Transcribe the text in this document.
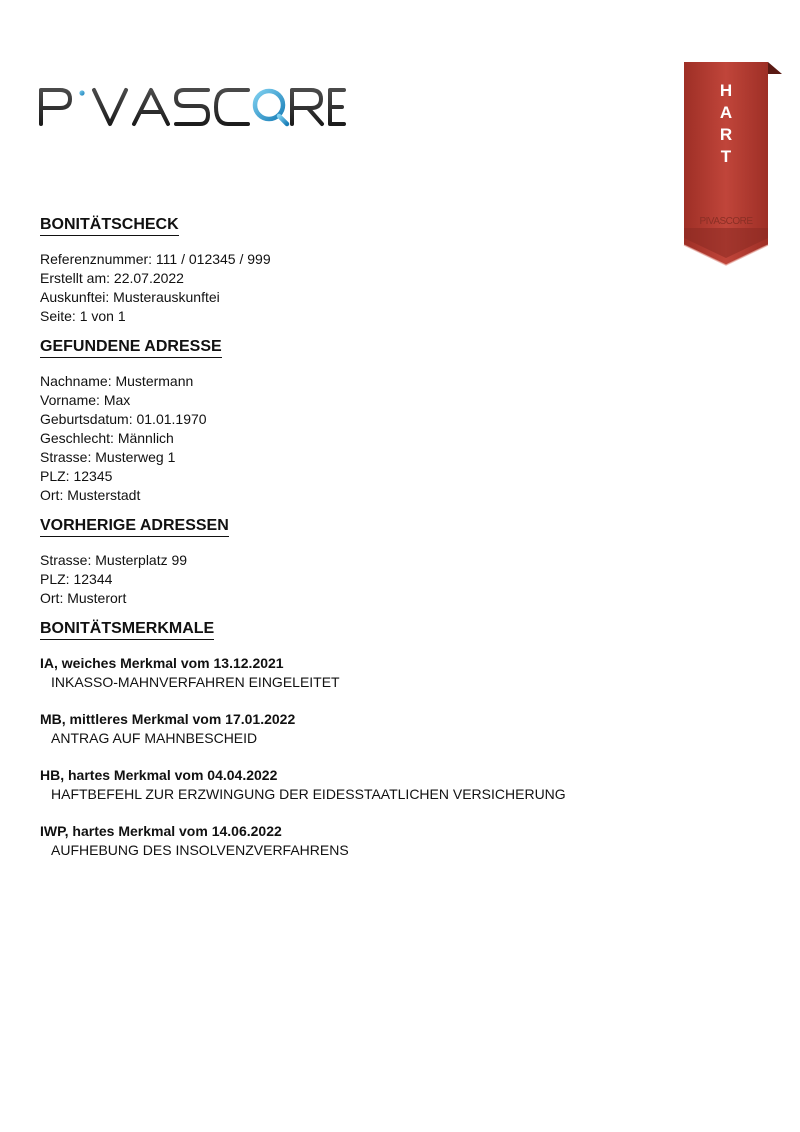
H
A
R
T
PIVASCORE
BONITÄTSCHECK

Referenznummer: 111 / 012345 / 999

Erstellt am: 22.07.2022

Auskunftei: Musterauskunftei

Seite: 1 von 1

GEFUNDENE ADRESSE

Nachname: Mustermann

Vorname: Max

Geburtsdatum: 01.01.1970

Geschlecht: Männlich

Strasse: Musterweg 1

PLZ: 12345

Ort: Musterstadt

VORHERIGE ADRESSEN

Strasse: Musterplatz 99

PLZ: 12344

Ort: Musterort

BONITÄTSMERKMALE
IA, weiches Merkmal vom 13.12.2021
INKASSO-MAHNVERFAHREN EINGELEITET
MB, mittleres Merkmal vom 17.01.2022
ANTRAG AUF MAHNBESCHEID
HB, hartes Merkmal vom 04.04.2022
HAFTBEFEHL ZUR ERZWINGUNG DER EIDESSTAATLICHEN VERSICHERUNG
IWP, hartes Merkmal vom 14.06.2022
AUFHEBUNG DES INSOLVENZVERFAHRENS
